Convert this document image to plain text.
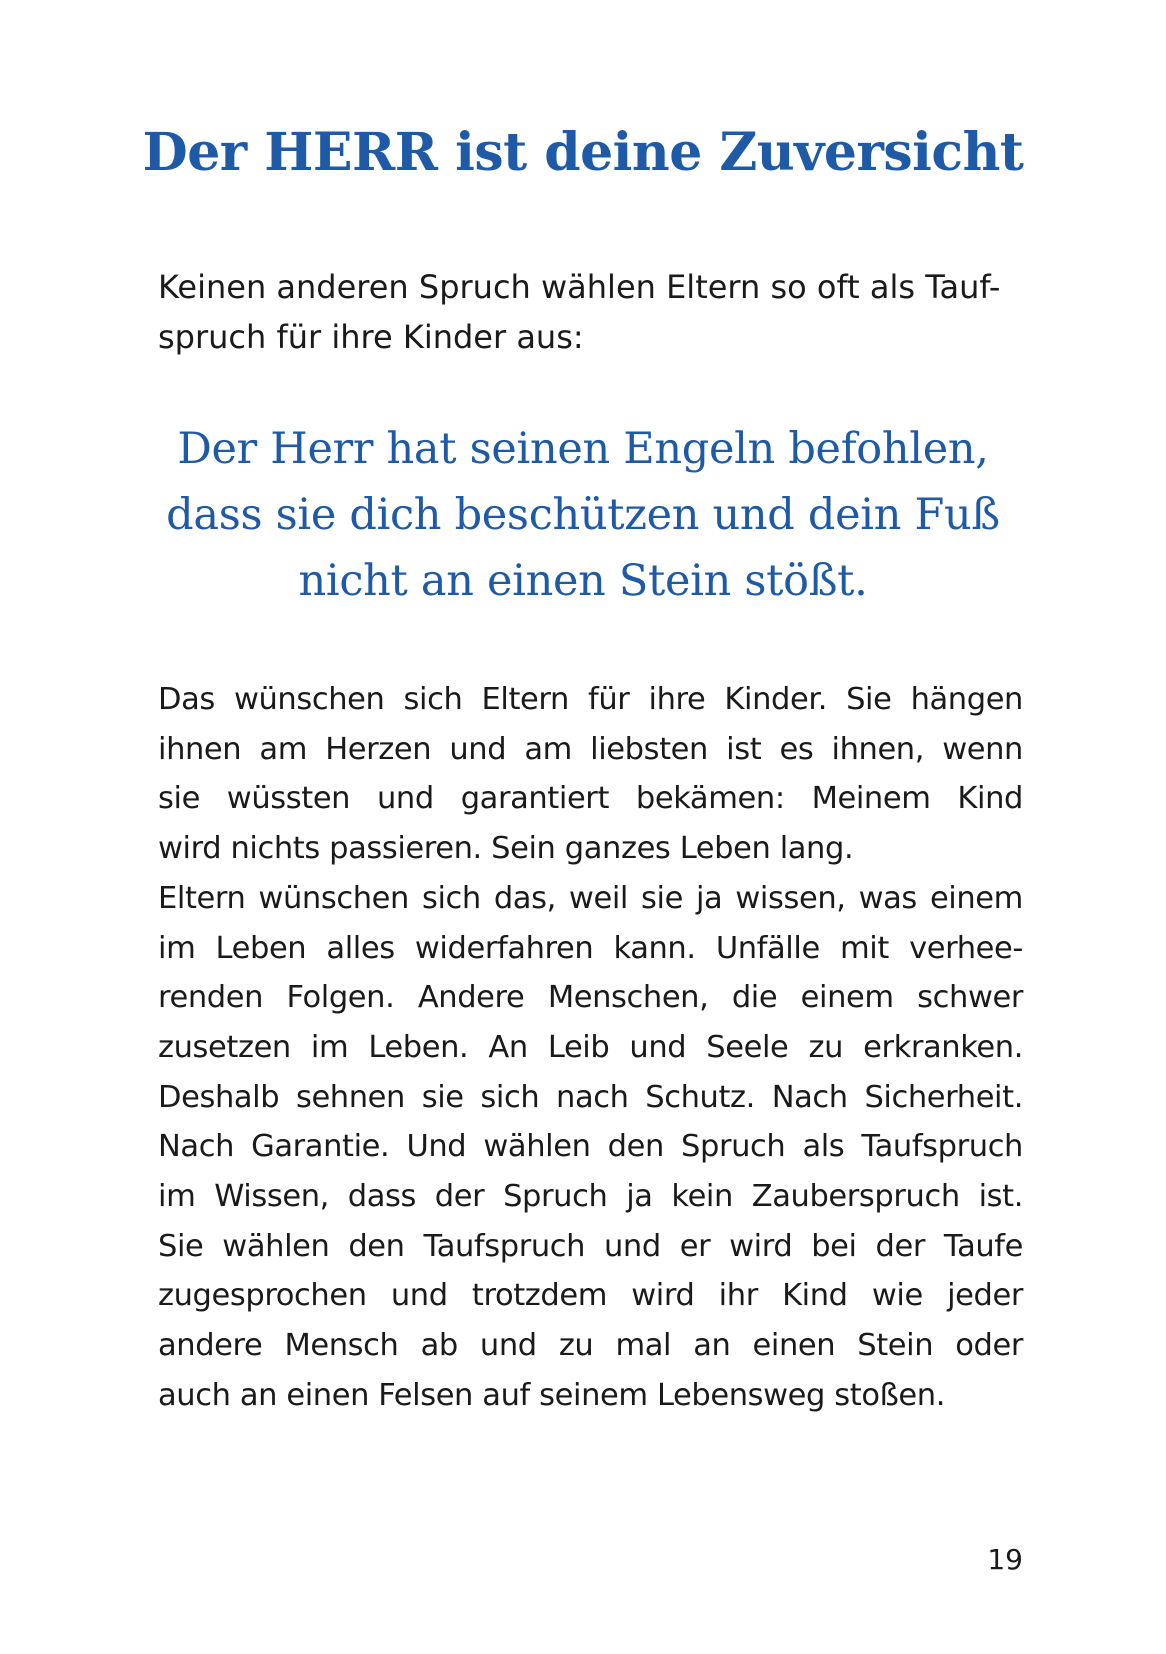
Der HERR ist deine Zuversicht

Keinen anderen Spruch wählen Eltern so oft als Tauf-
spruch für ihre Kinder aus:

Der Herr hat seinen Engeln befohlen,
dass sie dich beschützen und dein Fuß
nicht an einen Stein stößt.

Das wünschen sich Eltern für ihre Kinder. Sie hängen
ihnen am Herzen und am liebsten ist es ihnen, wenn
sie wüssten und garantiert bekämen: Meinem Kind
wird nichts passieren. Sein ganzes Leben lang.
Eltern wünschen sich das, weil sie ja wissen, was einem
im Leben alles widerfahren kann. Unfälle mit verhee-
renden Folgen. Andere Menschen, die einem schwer
zusetzen im Leben. An Leib und Seele zu erkranken.
Deshalb sehnen sie sich nach Schutz. Nach Sicherheit.
Nach Garantie. Und wählen den Spruch als Taufspruch
im Wissen, dass der Spruch ja kein Zauberspruch ist.
Sie wählen den Taufspruch und er wird bei der Taufe
zugesprochen und trotzdem wird ihr Kind wie jeder
andere Mensch ab und zu mal an einen Stein oder
auch an einen Felsen auf seinem Lebensweg stoßen.

19
